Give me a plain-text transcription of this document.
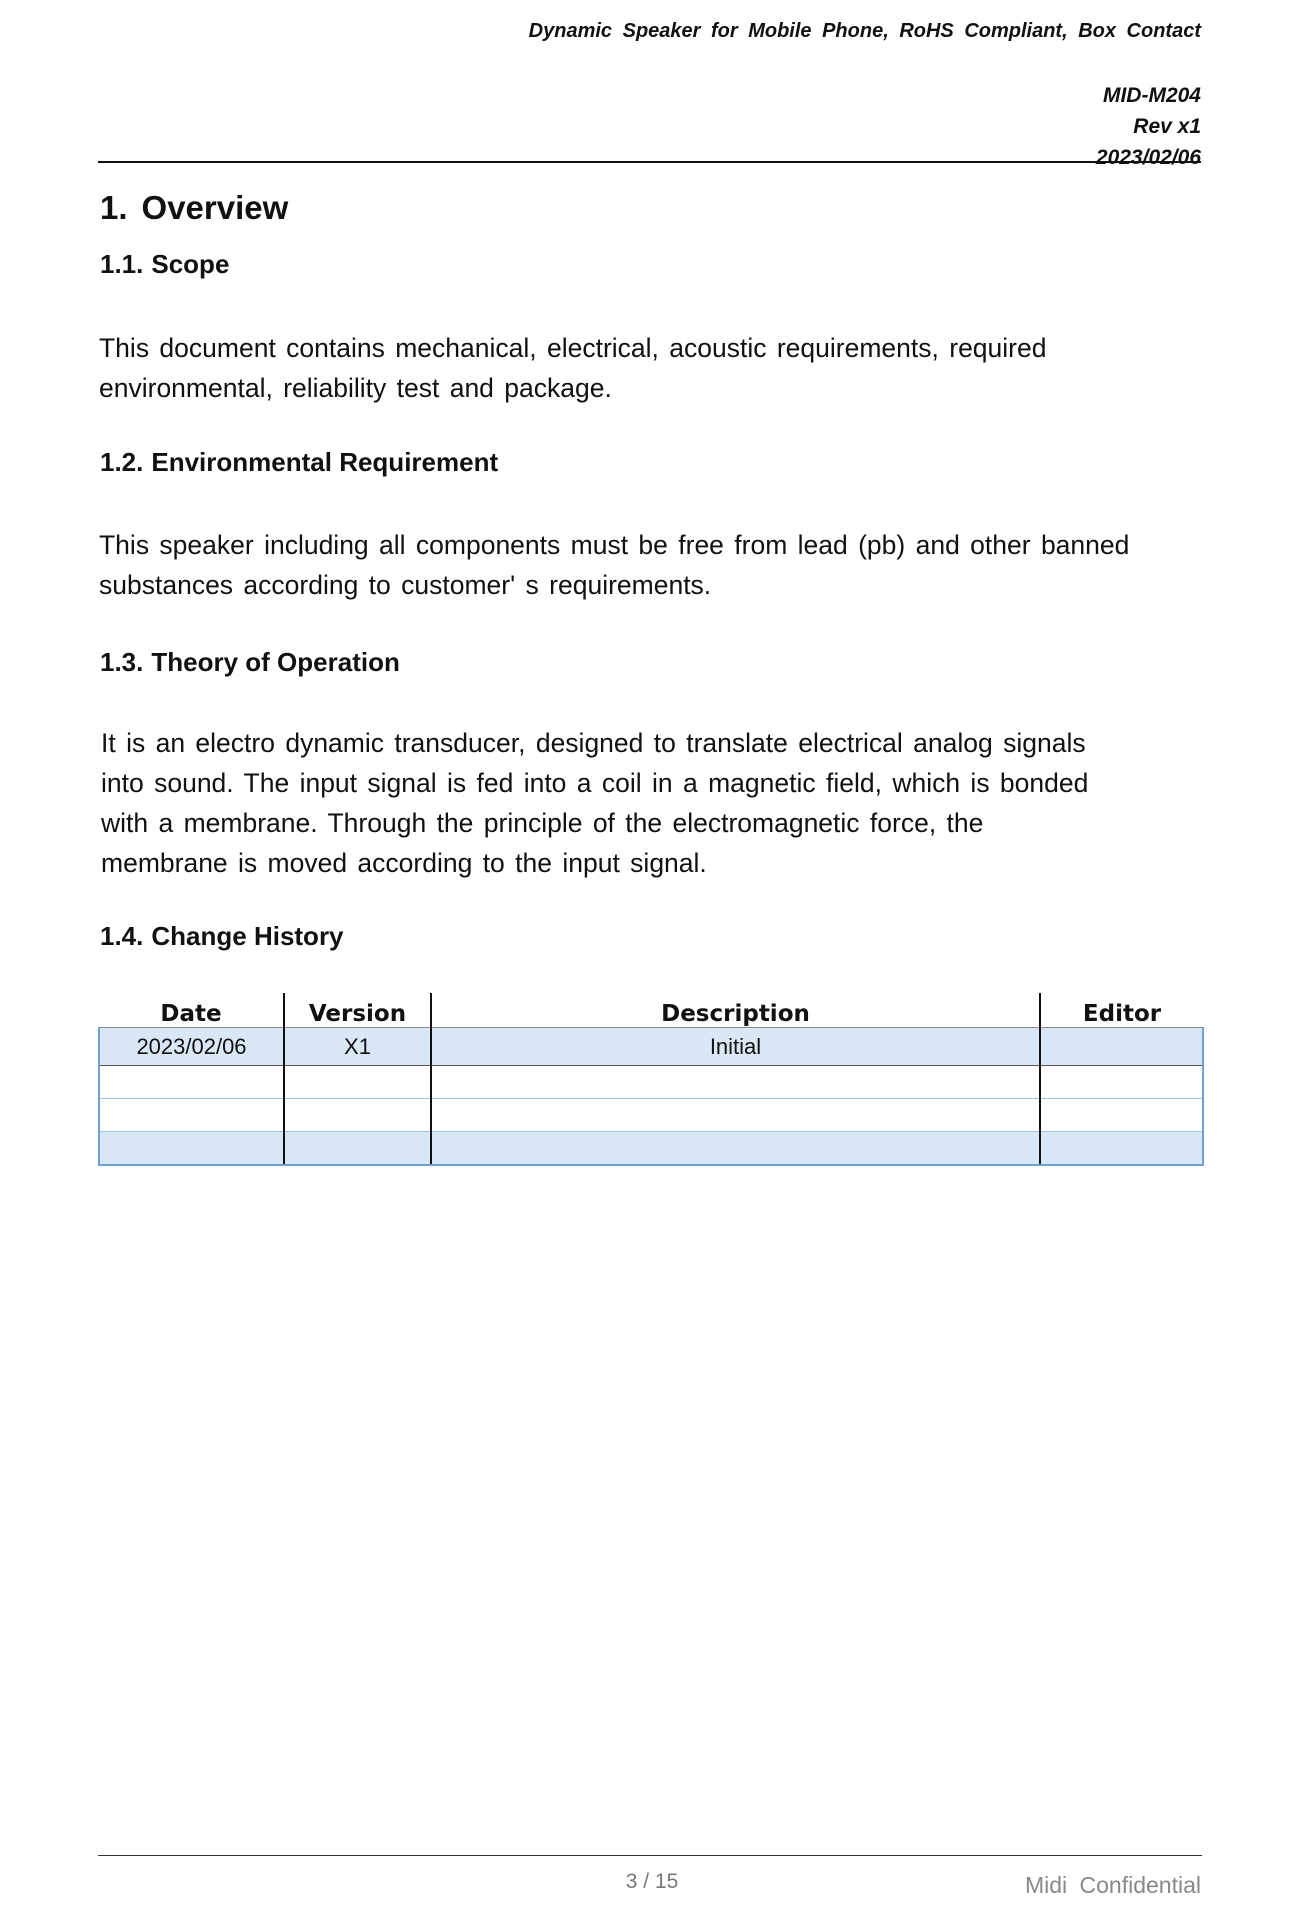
Dynamic Speaker for Mobile Phone, RoHS Compliant, Box Contact
MID-M204
Rev x1
2023/02/06
1. Overview
1.1. Scope
This document contains mechanical, electrical, acoustic requirements, required
environmental, reliability test and package.
1.2. Environmental Requirement
This speaker including all components must be free from lead (pb) and other banned
substances according to customer' s requirements.
1.3. Theory of Operation
It is an electro dynamic transducer, designed to translate electrical analog signals
into sound. The input signal is fed into a coil in a magnetic field, which is bonded
with a membrane. Through the principle of the electromagnetic force, the
membrane is moved according to the input signal.
1.4. Change History
Date	Version	Description	Editor
2023/02/06	X1	Initial	

3 / 15	Midi Confidential
